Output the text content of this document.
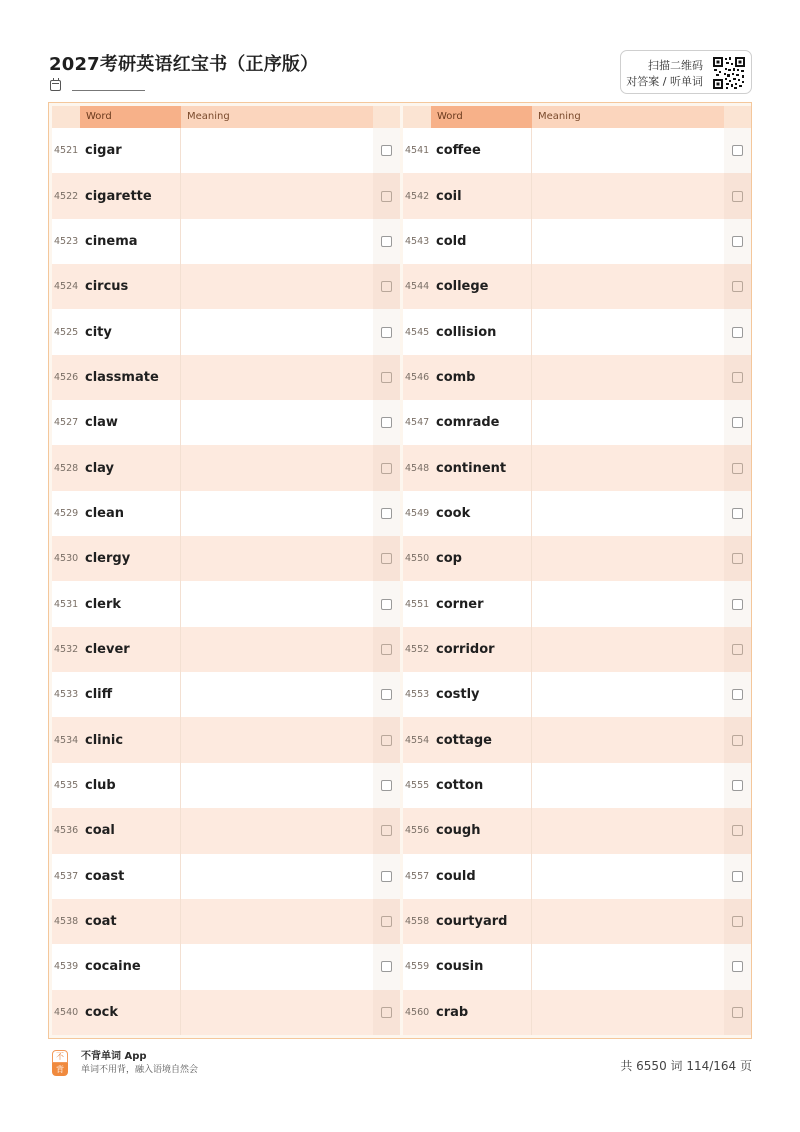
2027考研英语红宝书（正序版）	扫描二维码
对答案 / 听单词
Word	Meaning
4521 cigar
4522 cigarette
4523 cinema
4524 circus
4525 city
4526 classmate
4527 claw
4528 clay
4529 clean
4530 clergy
4531 clerk
4532 clever
4533 cliff
4534 clinic
4535 club
4536 coal
4537 coast
4538 coat
4539 cocaine
4540 cock
Word	Meaning
4541 coffee
4542 coil
4543 cold
4544 college
4545 collision
4546 comb
4547 comrade
4548 continent
4549 cook
4550 cop
4551 corner
4552 corridor
4553 costly
4554 cottage
4555 cotton
4556 cough
4557 could
4558 courtyard
4559 cousin
4560 crab
不
背
不背单词 App
单词不用背，融入语境自然会	共 6550 词 114/164 页
